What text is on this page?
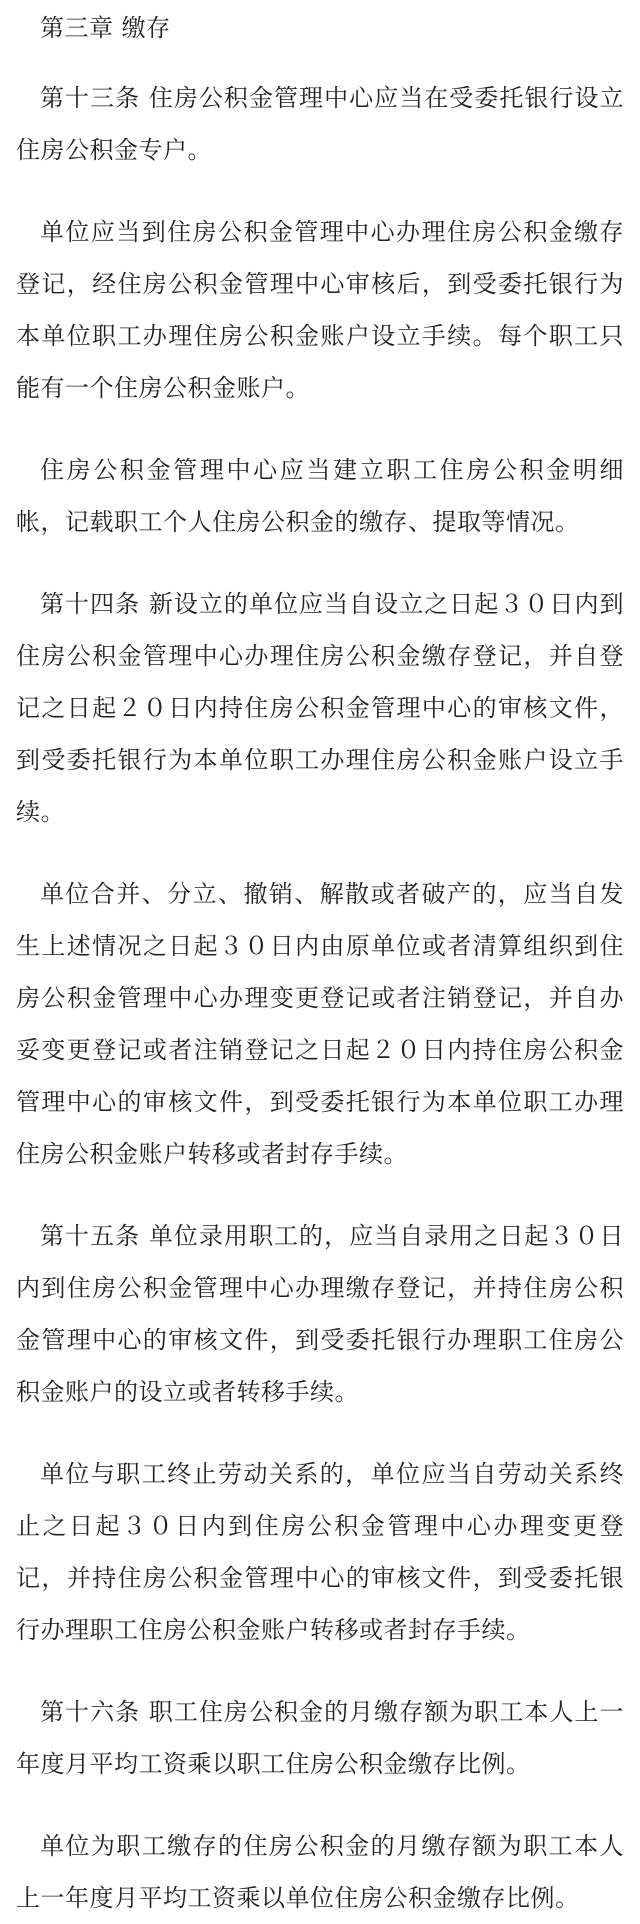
第三章 缴存

第十三条 住房公积金管理中心应当在受委托银行设立住房公积金专户。

单位应当到住房公积金管理中心办理住房公积金缴存登记，经住房公积金管理中心审核后，到受委托银行为本单位职工办理住房公积金账户设立手续。每个职工只能有一个住房公积金账户。

住房公积金管理中心应当建立职工住房公积金明细帐，记载职工个人住房公积金的缴存、提取等情况。

第十四条 新设立的单位应当自设立之日起３０日内到住房公积金管理中心办理住房公积金缴存登记，并自登记之日起２０日内持住房公积金管理中心的审核文件，到受委托银行为本单位职工办理住房公积金账户设立手续。

单位合并、分立、撤销、解散或者破产的，应当自发生上述情况之日起３０日内由原单位或者清算组织到住房公积金管理中心办理变更登记或者注销登记，并自办妥变更登记或者注销登记之日起２０日内持住房公积金管理中心的审核文件，到受委托银行为本单位职工办理住房公积金账户转移或者封存手续。

第十五条 单位录用职工的，应当自录用之日起３０日内到住房公积金管理中心办理缴存登记，并持住房公积金管理中心的审核文件，到受委托银行办理职工住房公积金账户的设立或者转移手续。

单位与职工终止劳动关系的，单位应当自劳动关系终止之日起３０日内到住房公积金管理中心办理变更登记，并持住房公积金管理中心的审核文件，到受委托银行办理职工住房公积金账户转移或者封存手续。

第十六条 职工住房公积金的月缴存额为职工本人上一年度月平均工资乘以职工住房公积金缴存比例。

单位为职工缴存的住房公积金的月缴存额为职工本人上一年度月平均工资乘以单位住房公积金缴存比例。
